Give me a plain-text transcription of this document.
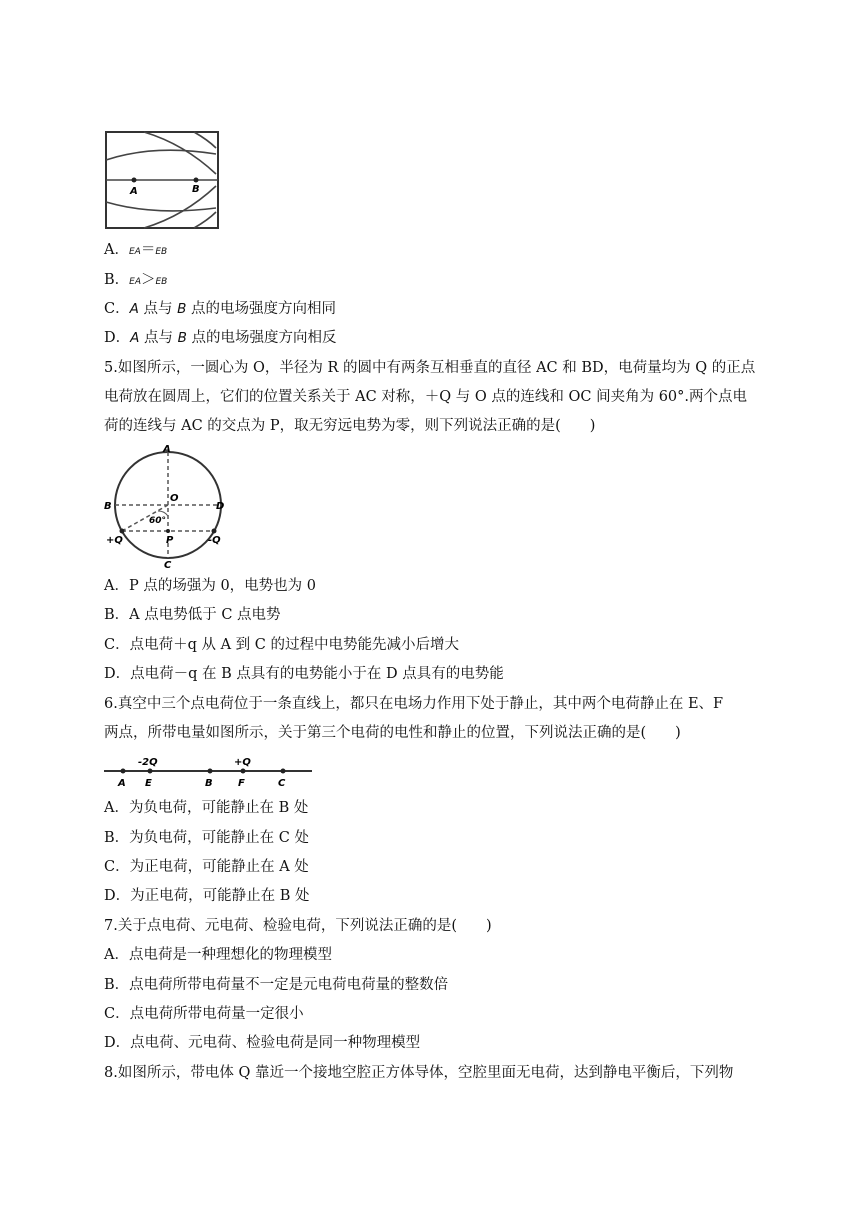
A	B
A．EA＝EB
B．EA＞EB
C．A 点与 B 点的电场强度方向相同
D．A 点与 B 点的电场强度方向相反
5.如图所示，一圆心为 O，半径为 R 的圆中有两条互相垂直的直径 AC 和 BD，电荷量均为 Q 的正点
电荷放在圆周上，它们的位置关系关于 AC 对称，＋Q 与 O 点的连线和 OC 间夹角为 60°.两个点电
荷的连线与 AC 的交点为 P，取无穷远电势为零，则下列说法正确的是(　　)
A
O
B	D
60°
P
+Q	-Q
C
A．P 点的场强为 0，电势也为 0
B．A 点电势低于 C 点电势
C．点电荷＋q 从 A 到 C 的过程中电势能先减小后增大
D．点电荷－q 在 B 点具有的电势能小于在 D 点具有的电势能
6.真空中三个点电荷位于一条直线上，都只在电场力作用下处于静止，其中两个电荷静止在 E、F
两点，所带电量如图所示，关于第三个电荷的电性和静止的位置，下列说法正确的是(　　)
-2Q	+Q
A E	B	F	C
A．为负电荷，可能静止在 B 处
B．为负电荷，可能静止在 C 处
C．为正电荷，可能静止在 A 处
D．为正电荷，可能静止在 B 处
7.关于点电荷、元电荷、检验电荷，下列说法正确的是(　　)
A．点电荷是一种理想化的物理模型
B．点电荷所带电荷量不一定是元电荷电荷量的整数倍
C．点电荷所带电荷量一定很小
D．点电荷、元电荷、检验电荷是同一种物理模型
8.如图所示，带电体 Q 靠近一个接地空腔正方体导体，空腔里面无电荷，达到静电平衡后，下列物
